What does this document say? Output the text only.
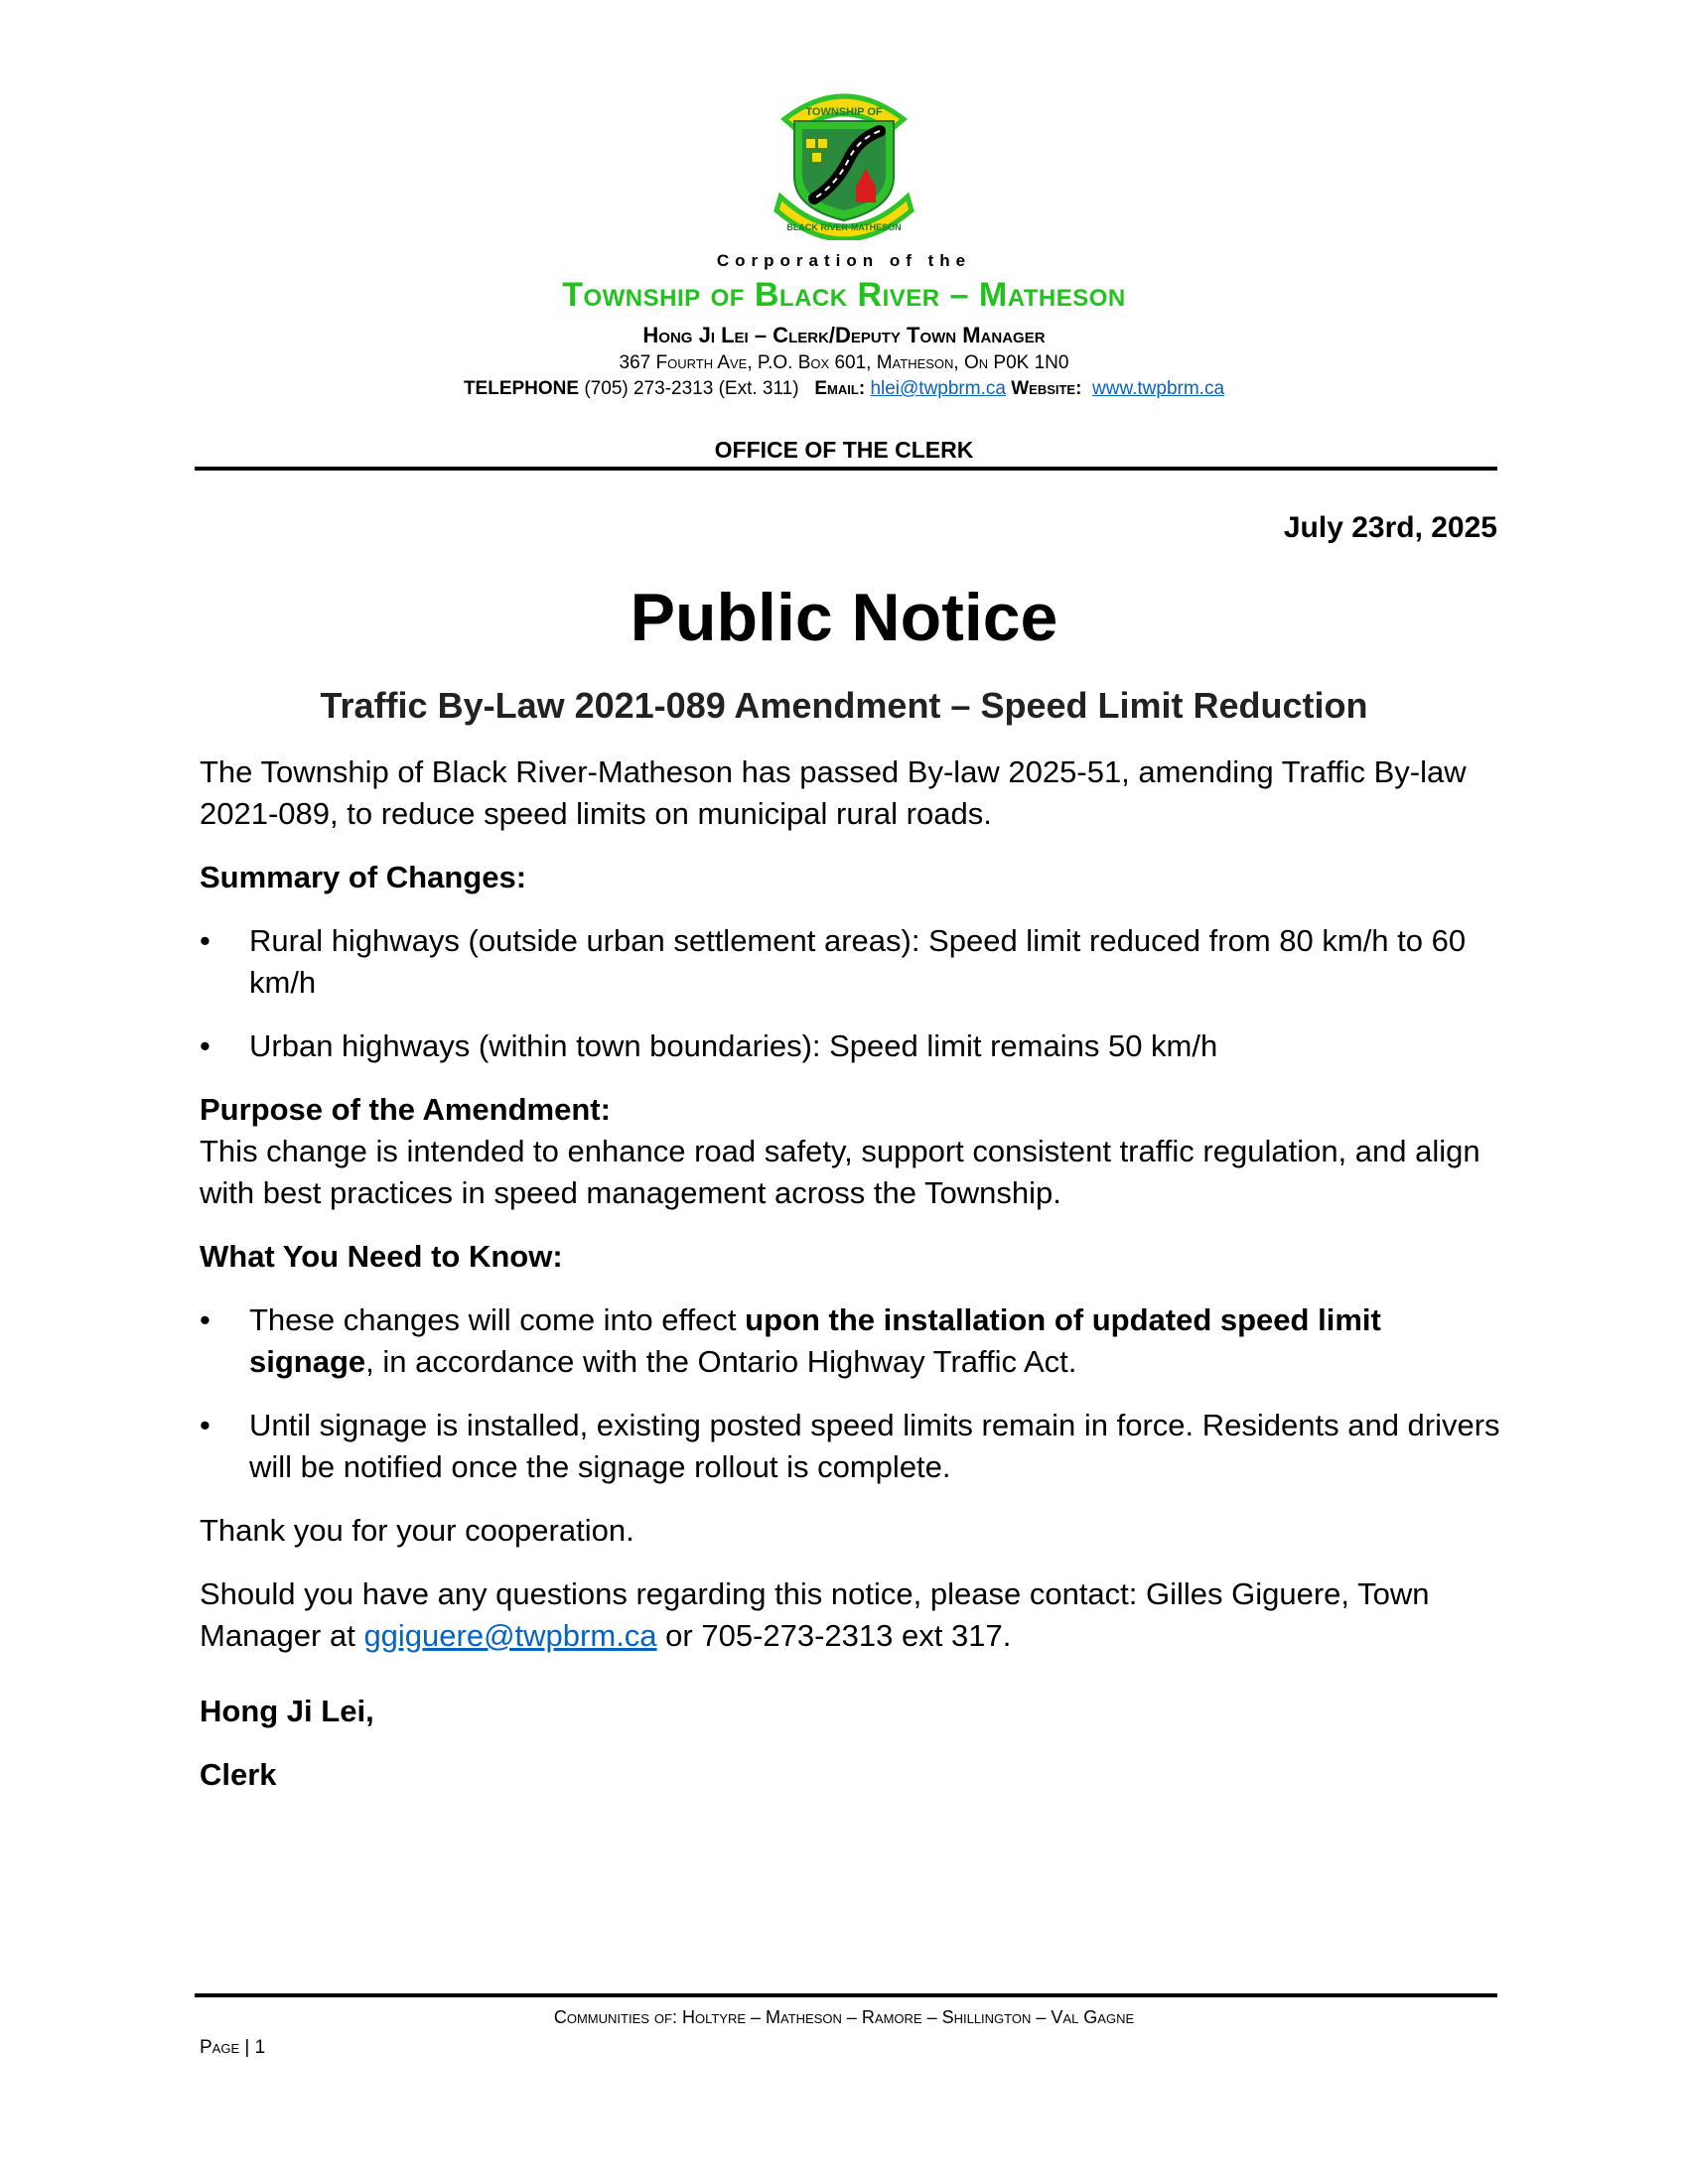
TOWNSHIP OF
BLACK RIVER-MATHESON
Corporation of the
Township of Black River – Matheson
Hong Ji Lei – Clerk/Deputy Town Manager
367 Fourth Ave, P.O. Box 601, Matheson, On P0K 1N0
TELEPHONE (705) 273-2313 (Ext. 311) Email: hlei@twpbrm.ca Website: www.twpbrm.ca
OFFICE OF THE CLERK
July 23rd, 2025
Public Notice
Traffic By-Law 2021-089 Amendment – Speed Limit Reduction

The Township of Black River-Matheson has passed By-law 2025-51, amending Traffic By-law 2021-089, to reduce speed limits on municipal rural roads.

Summary of Changes:
• Rural highways (outside urban settlement areas): Speed limit reduced from 80 km/h to 60 km/h
• Urban highways (within town boundaries): Speed limit remains 50 km/h
Purpose of the Amendment:

This change is intended to enhance road safety, support consistent traffic regulation, and align with best practices in speed management across the Township.

What You Need to Know:
• These changes will come into effect upon the installation of updated speed limit signage, in accordance with the Ontario Highway Traffic Act.
• Until signage is installed, existing posted speed limits remain in force. Residents and drivers will be notified once the signage rollout is complete.

Thank you for your cooperation.

Should you have any questions regarding this notice, please contact: Gilles Giguere, Town Manager at ggiguere@twpbrm.ca or 705-273-2313 ext 317.

Hong Ji Lei,

Clerk

Communities of: Holtyre – Matheson – Ramore – Shillington – Val Gagne
Page | 1
